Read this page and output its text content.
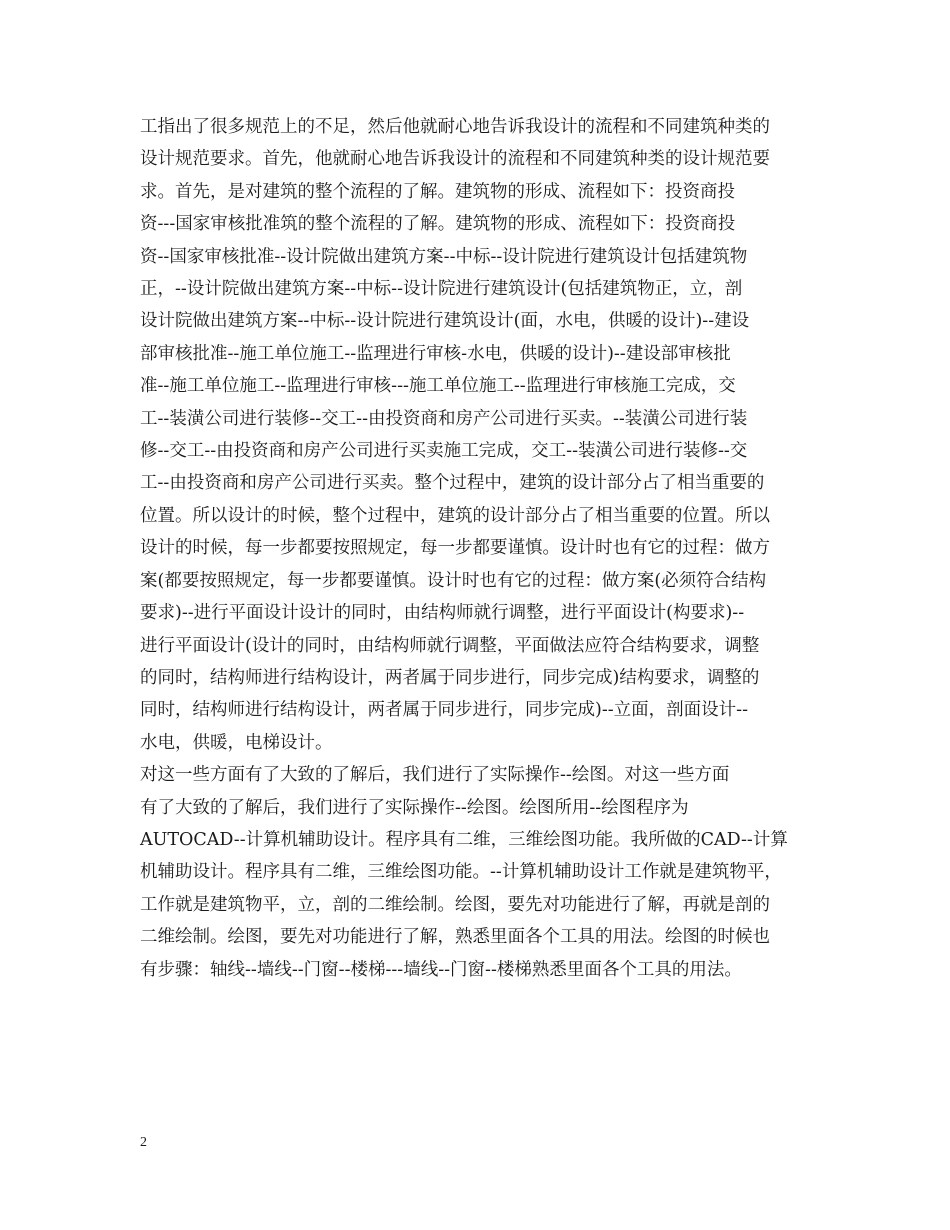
工指出了很多规范上的不足，然后他就耐心地告诉我设计的流程和不同建筑种类的
设计规范要求。首先，他就耐心地告诉我设计的流程和不同建筑种类的设计规范要
求。首先，是对建筑的整个流程的了解。建筑物的形成、流程如下：投资商投
资---国家审核批准筑的整个流程的了解。建筑物的形成、流程如下：投资商投
资--国家审核批准--设计院做出建筑方案--中标--设计院进行建筑设计包括建筑物
正，--设计院做出建筑方案--中标--设计院进行建筑设计(包括建筑物正，立，剖
设计院做出建筑方案--中标--设计院进行建筑设计(面，水电，供暖的设计)--建设
部审核批准--施工单位施工--监理进行审核-水电，供暖的设计)--建设部审核批
准--施工单位施工--监理进行审核---施工单位施工--监理进行审核施工完成，交
工--装潢公司进行装修--交工--由投资商和房产公司进行买卖。--装潢公司进行装
修--交工--由投资商和房产公司进行买卖施工完成，交工--装潢公司进行装修--交
工--由投资商和房产公司进行买卖。整个过程中，建筑的设计部分占了相当重要的
位置。所以设计的时候，整个过程中，建筑的设计部分占了相当重要的位置。所以
设计的时候，每一步都要按照规定，每一步都要谨慎。设计时也有它的过程：做方
案(都要按照规定，每一步都要谨慎。设计时也有它的过程：做方案(必须符合结构
要求)--进行平面设计设计的同时，由结构师就行调整，进行平面设计(构要求)--
进行平面设计(设计的同时，由结构师就行调整，平面做法应符合结构要求，调整
的同时，结构师进行结构设计，两者属于同步进行，同步完成)结构要求，调整的
同时，结构师进行结构设计，两者属于同步进行，同步完成)--立面，剖面设计--
水电，供暖，电梯设计。

对这一些方面有了大致的了解后，我们进行了实际操作--绘图。对这一些方面
有了大致的了解后，我们进行了实际操作--绘图。绘图所用--绘图程序为
AUTOCAD--计算机辅助设计。程序具有二维，三维绘图功能。我所做的CAD--计算
机辅助设计。程序具有二维，三维绘图功能。--计算机辅助设计工作就是建筑物平，
工作就是建筑物平，立，剖的二维绘制。绘图，要先对功能进行了解，再就是剖的
二维绘制。绘图，要先对功能进行了解，熟悉里面各个工具的用法。绘图的时候也
有步骤：轴线--墙线--门窗--楼梯---墙线--门窗--楼梯熟悉里面各个工具的用法。

2
